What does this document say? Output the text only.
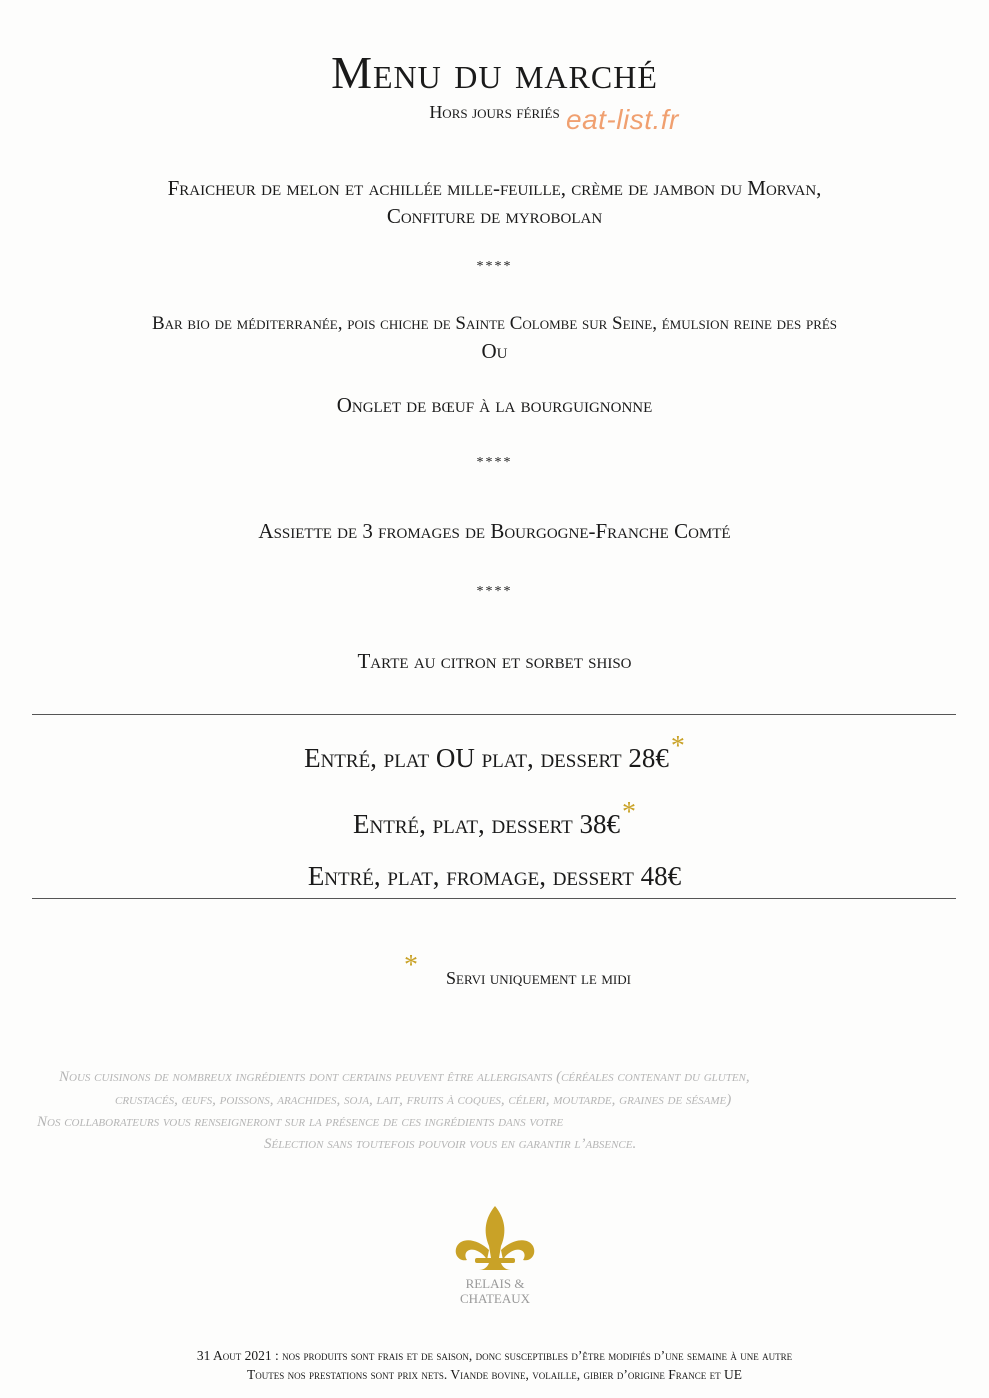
Menu du marché
Hors jours fériés eat-list.fr
Fraicheur de melon et achillée mille-feuille, crème de jambon du Morvan,
Confiture de myrobolan
****
Bar bio de méditerranée, pois chiche de Sainte Colombe sur Seine, émulsion reine des prés
Ou
Onglet de bœuf à la bourguignonne
****
Assiette de 3 fromages de Bourgogne-Franche Comté
****
Tarte au citron et sorbet shiso
Entré, plat OU plat, dessert 28€*
Entré, plat, dessert 38€*
Entré, plat, fromage, dessert 48€
*	Servi uniquement le midi
Nous cuisinons de nombreux ingrédients dont certains peuvent être allergisants (céréales contenant du gluten,
crustacés, œufs, poissons, arachides, soja, lait, fruits à coques, céleri, moutarde, graines de sésame)
Nos collaborateurs vous renseigneront sur la présence de ces ingrédients dans votre
Sélection sans toutefois pouvoir vous en garantir l’absence.
RELAIS &
CHATEAUX
31 Aout 2021 : nos produits sont frais et de saison, donc susceptibles d’être modifiés d’une semaine à une autre
Toutes nos prestations sont prix nets. Viande bovine, volaille, gibier d’origine France et UE
